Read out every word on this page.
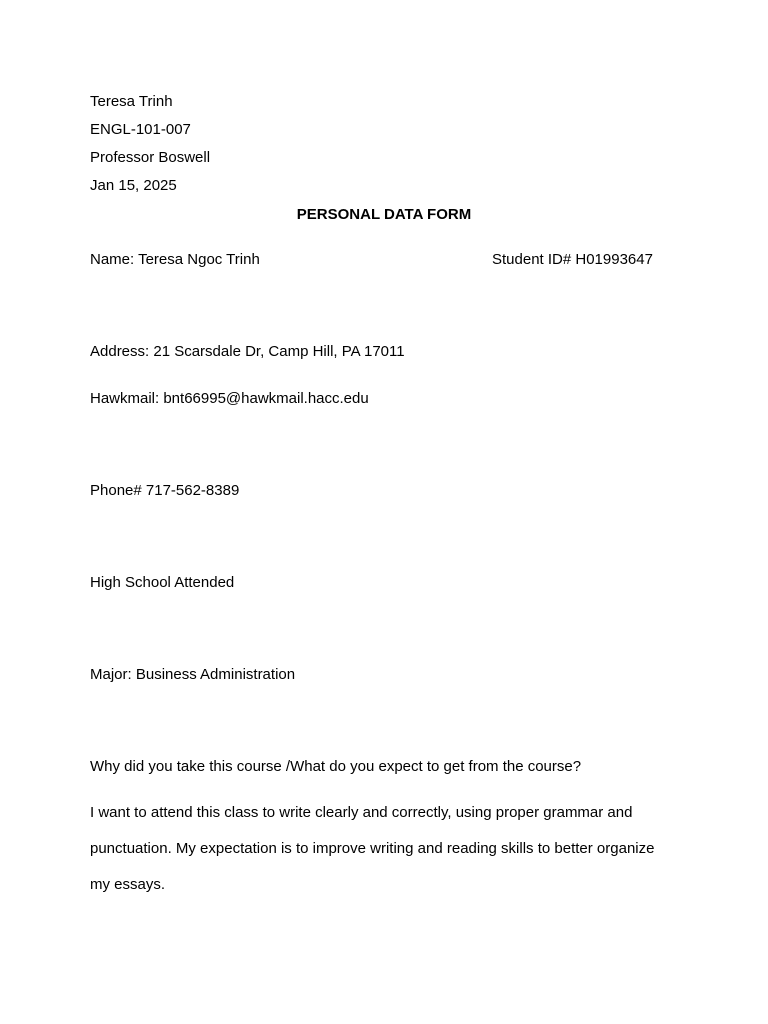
Teresa Trinh
ENGL-101-007
Professor Boswell
Jan 15, 2025
PERSONAL DATA FORM
Name: Teresa Ngoc Trinh	Student ID# H01993647
Address: 21 Scarsdale Dr, Camp Hill, PA 17011
Hawkmail: bnt66995@hawkmail.hacc.edu
Phone# 717-562-8389
High School Attended
Major: Business Administration
Why did you take this course /What do you expect to get from the course?
I want to attend this class to write clearly and correctly, using proper grammar and punctuation. My expectation is to improve writing and reading skills to better organize my essays.
